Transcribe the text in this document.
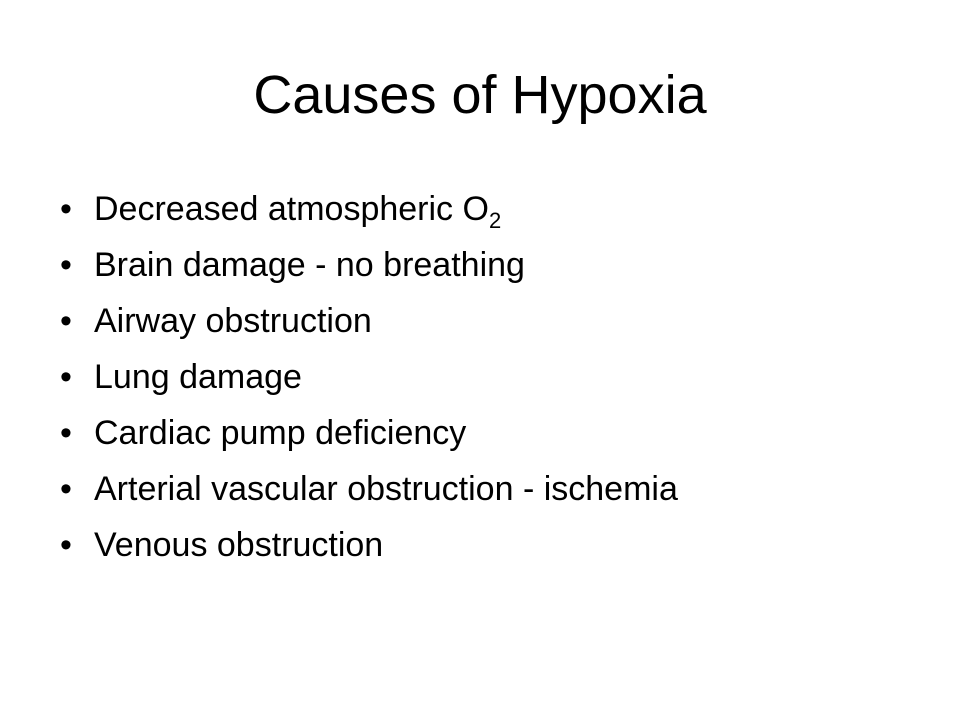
Causes of Hypoxia
• Decreased atmospheric $O_2$
• Brain damage - no breathing
• Airway obstruction
• Lung damage
• Cardiac pump deficiency
• Arterial vascular obstruction - ischemia
• Venous obstruction
